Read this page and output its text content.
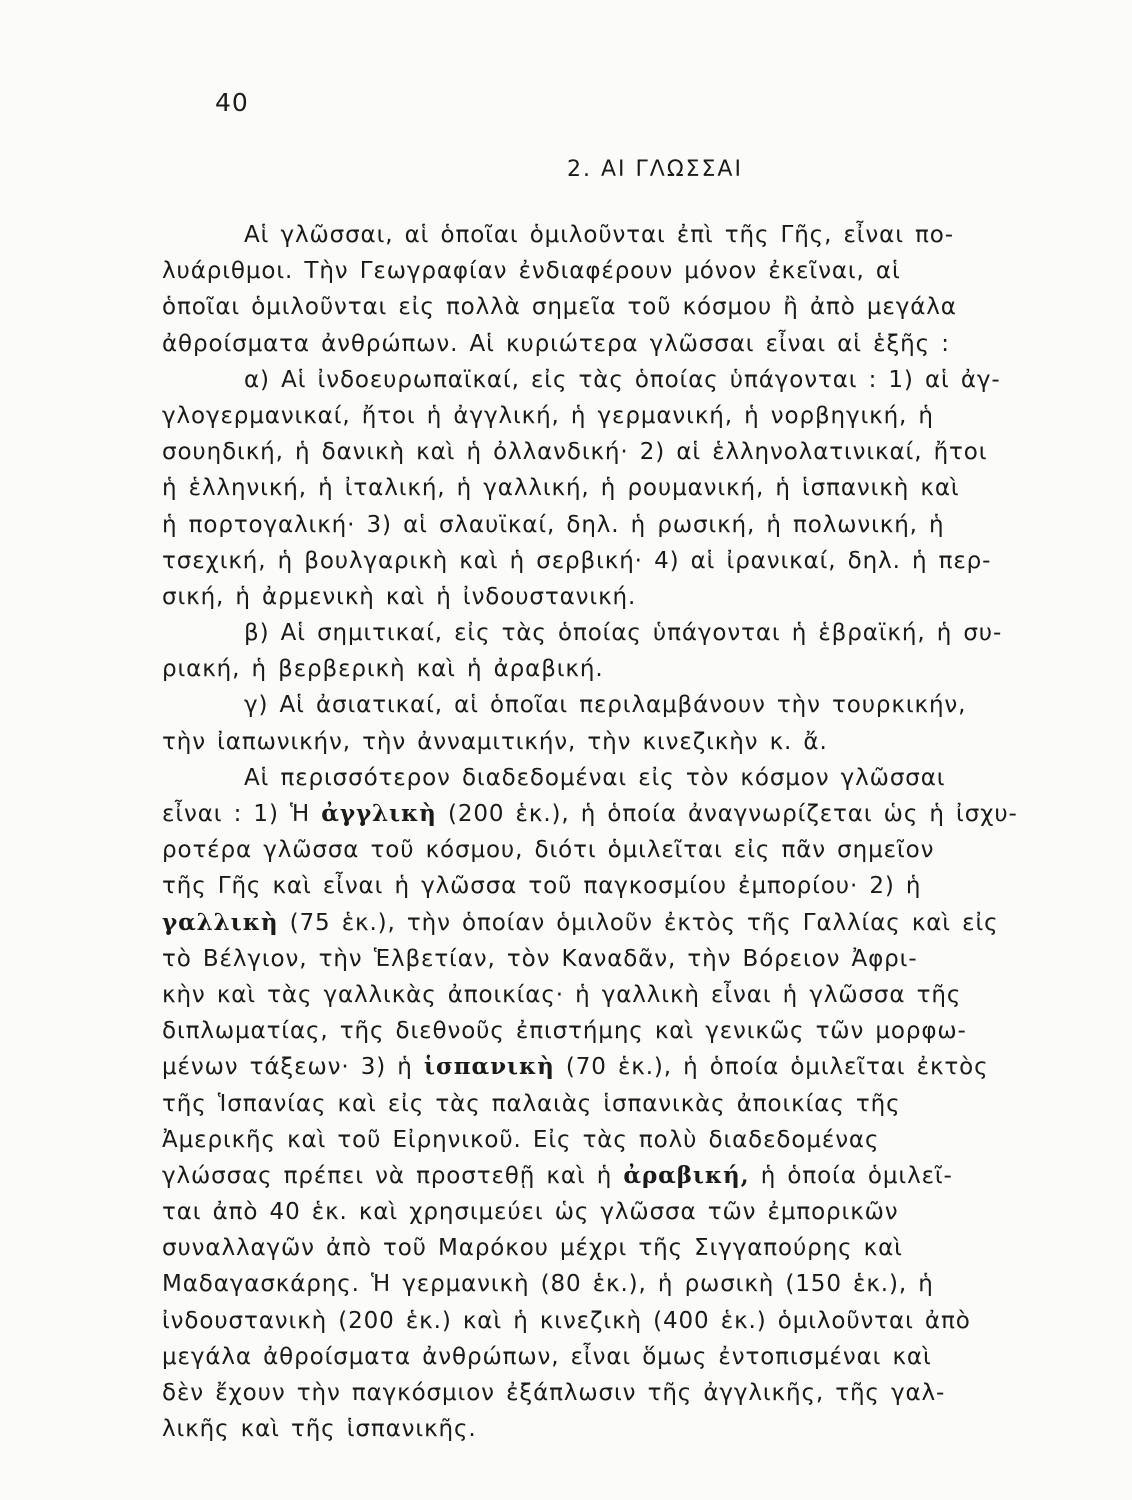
40
2. ΑΙ ΓΛΩΣΣΑΙ
Αἱ γλῶσσαι, αἱ ὁποῖαι ὁμιλοῦνται ἐπὶ τῆς Γῆς, εἶναι πο-
λυάριθμοι. Τὴν Γεωγραφίαν ἐνδιαφέρουν μόνον ἐκεῖναι, αἱ
ὁποῖαι ὁμιλοῦνται εἰς πολλὰ σημεῖα τοῦ κόσμου ἢ ἀπὸ μεγάλα
ἀθροίσματα ἀνθρώπων. Αἱ κυριώτερα γλῶσσαι εἶναι αἱ ἑξῆς :
α) Αἱ ἰνδοευρωπαϊκαί, εἰς τὰς ὁποίας ὑπάγονται : 1) αἱ ἀγ-
γλογερμανικαί, ἤτοι ἡ ἀγγλική, ἡ γερμανική, ἡ νορβηγική, ἡ
σουηδική, ἡ δανικὴ καὶ ἡ ὀλλανδική· 2) αἱ ἑλληνολατινικαί, ἤτοι
ἡ ἑλληνική, ἡ ἰταλική, ἡ γαλλική, ἡ ρουμανική, ἡ ἱσπανικὴ καὶ
ἡ πορτογαλική· 3) αἱ σλαυϊκαί, δηλ. ἡ ρωσική, ἡ πολωνική, ἡ
τσεχική, ἡ βουλγαρικὴ καὶ ἡ σερβική· 4) αἱ ἰρανικαί, δηλ. ἡ περ-
σική, ἡ ἀρμενικὴ καὶ ἡ ἰνδουστανική.
β) Αἱ σημιτικαί, εἰς τὰς ὁποίας ὑπάγονται ἡ ἑβραϊκή, ἡ συ-
ριακή, ἡ βερβερικὴ καὶ ἡ ἀραβική.
γ) Αἱ ἀσιατικαί, αἱ ὁποῖαι περιλαμβάνουν τὴν τουρκικήν,
τὴν ἰαπωνικήν, τὴν ἀνναμιτικήν, τὴν κινεζικὴν κ. ἄ.
Αἱ περισσότερον διαδεδομέναι εἰς τὸν κόσμον γλῶσσαι
εἶναι : 1) Ἡ ἀγγλικὴ (200 ἑκ.), ἡ ὁποία ἀναγνωρίζεται ὡς ἡ ἰσχυ-
ροτέρα γλῶσσα τοῦ κόσμου, διότι ὁμιλεῖται εἰς πᾶν σημεῖον
τῆς Γῆς καὶ εἶναι ἡ γλῶσσα τοῦ παγκοσμίου ἐμπορίου· 2) ἡ
γαλλικὴ (75 ἑκ.), τὴν ὁποίαν ὁμιλοῦν ἐκτὸς τῆς Γαλλίας καὶ εἰς
τὸ Βέλγιον, τὴν Ἑλβετίαν, τὸν Καναδᾶν, τὴν Βόρειον Ἀφρι-
κὴν καὶ τὰς γαλλικὰς ἀποικίας· ἡ γαλλικὴ εἶναι ἡ γλῶσσα τῆς
διπλωματίας, τῆς διεθνοῦς ἐπιστήμης καὶ γενικῶς τῶν μορφω-
μένων τάξεων· 3) ἡ ἱσπανικὴ (70 ἑκ.), ἡ ὁποία ὁμιλεῖται ἐκτὸς
τῆς Ἱσπανίας καὶ εἰς τὰς παλαιὰς ἱσπανικὰς ἀποικίας τῆς
Ἀμερικῆς καὶ τοῦ Εἰρηνικοῦ. Εἰς τὰς πολὺ διαδεδομένας
γλώσσας πρέπει νὰ προστεθῇ καὶ ἡ ἀραβική, ἡ ὁποία ὁμιλεῖ-
ται ἀπὸ 40 ἑκ. καὶ χρησιμεύει ὡς γλῶσσα τῶν ἐμπορικῶν
συναλλαγῶν ἀπὸ τοῦ Μαρόκου μέχρι τῆς Σιγγαπούρης καὶ
Μαδαγασκάρης. Ἡ γερμανικὴ (80 ἑκ.), ἡ ρωσικὴ (150 ἑκ.), ἡ
ἰνδουστανικὴ (200 ἑκ.) καὶ ἡ κινεζικὴ (400 ἑκ.) ὁμιλοῦνται ἀπὸ
μεγάλα ἀθροίσματα ἀνθρώπων, εἶναι ὅμως ἐντοπισμέναι καὶ
δὲν ἔχουν τὴν παγκόσμιον ἐξάπλωσιν τῆς ἀγγλικῆς, τῆς γαλ-
λικῆς καὶ τῆς ἱσπανικῆς.
